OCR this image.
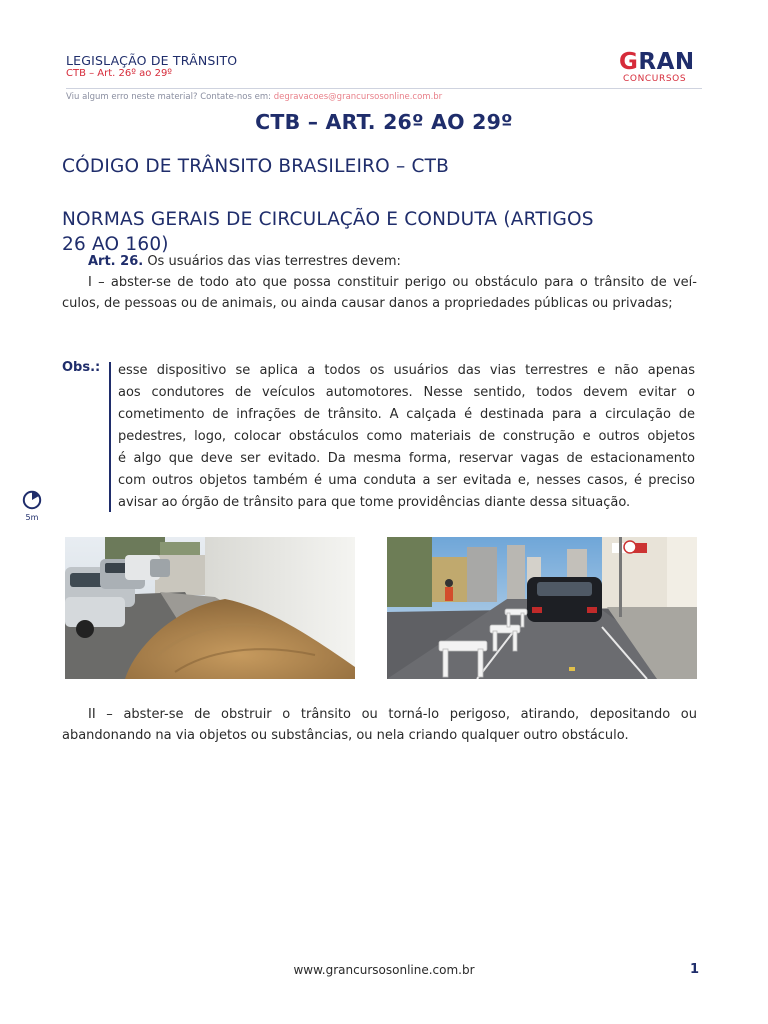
LEGISLAÇÃO DE TRÂNSITO
CTB – Art. 26º ao 29º	GRAN
CONCURSOS
Viu algum erro neste material? Contate-nos em: degravacoes@grancursosonline.com.br
CTB – ART. 26º AO 29º
CÓDIGO DE TRÂNSITO BRASILEIRO – CTB
NORMAS GERAIS DE CIRCULAÇÃO E CONDUTA (ARTIGOS
26 AO 160)
Art. 26. Os usuários das vias terrestres devem:
I – abster-se de todo ato que possa constituir perigo ou obstáculo para o trânsito de veí-
culos, de pessoas ou de animais, ou ainda causar danos a propriedades públicas ou privadas;
Obs.: esse dispositivo se aplica a todos os usuários das vias terrestres e não apenas
aos condutores de veículos automotores. Nesse sentido, todos devem evitar o
cometimento de infrações de trânsito. A calçada é destinada para a circulação de
pedestres, logo, colocar obstáculos como materiais de construção e outros objetos
é algo que deve ser evitado. Da mesma forma, reservar vagas de estacionamento
com outros objetos também é uma conduta a ser evitada e, nesses casos, é preciso
avisar ao órgão de trânsito para que tome providências diante dessa situação.
5m
II – abster-se de obstruir o trânsito ou torná-lo perigoso, atirando, depositando ou
abandonando na via objetos ou substâncias, ou nela criando qualquer outro obstáculo.
www.grancursosonline.com.br	1
